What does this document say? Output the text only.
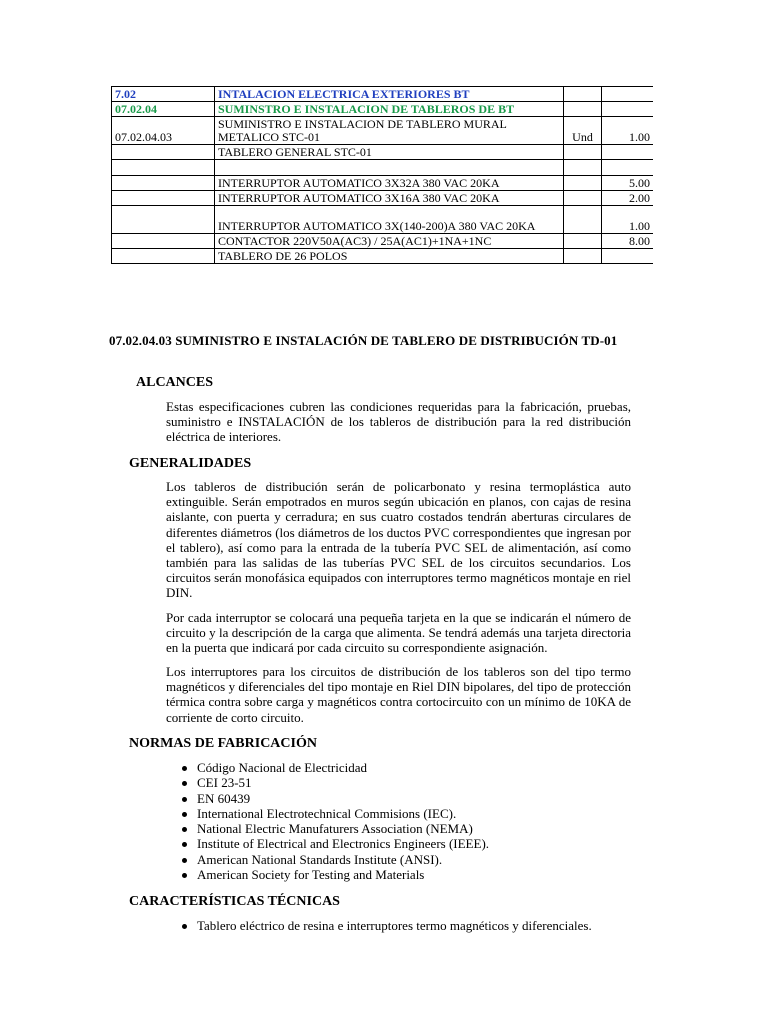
7.02	INTALACION ELECTRICA EXTERIORES BT		
07.02.04	SUMINSTRO E INSTALACION DE TABLEROS DE BT		
07.02.04.03	SUMINISTRO E INSTALACION DE TABLERO MURAL METALICO STC-01	Und	1.00
	TABLERO GENERAL STC-01		

	INTERRUPTOR AUTOMATICO 3X32A 380 VAC 20KA		5.00
	INTERRUPTOR AUTOMATICO 3X16A 380 VAC 20KA		2.00
	INTERRUPTOR AUTOMATICO 3X(140-200)A 380 VAC 20KA		1.00
	CONTACTOR 220V50A(AC3) / 25A(AC1)+1NA+1NC		8.00
	TABLERO DE 26 POLOS		
07.02.04.03 SUMINISTRO E INSTALACIÓN DE TABLERO DE DISTRIBUCIÓN TD-01
ALCANCES
Estas especificaciones cubren las condiciones requeridas para la fabricación, pruebas, suministro e INSTALACIÓN de los tableros de distribución para la red distribución eléctrica de interiores.
GENERALIDADES
Los tableros de distribución serán de policarbonato y resina termoplástica auto extinguible. Serán empotrados en muros según ubicación en planos, con cajas de resina aislante, con puerta y cerradura; en sus cuatro costados tendrán aberturas circulares de diferentes diámetros (los diámetros de los ductos PVC correspondientes que ingresan por el tablero), así como para la entrada de la tubería PVC SEL de alimentación, así como también para las salidas de las tuberías PVC SEL de los circuitos secundarios. Los circuitos serán monofásica equipados con interruptores termo magnéticos montaje en riel DIN.
Por cada interruptor se colocará una pequeña tarjeta en la que se indicarán el número de circuito y la descripción de la carga que alimenta. Se tendrá además una tarjeta directoria en la puerta que indicará por cada circuito su correspondiente asignación.
Los interruptores para los circuitos de distribución de los tableros son del tipo termo magnéticos y diferenciales del tipo montaje en Riel DIN bipolares, del tipo de protección térmica contra sobre carga y magnéticos contra cortocircuito con un mínimo de 10KA de corriente de corto circuito.
NORMAS DE FABRICACIÓN
Código Nacional de Electricidad
CEI 23-51
EN 60439
International Electrotechnical Commisions (IEC).
National Electric Manufaturers Association (NEMA)
Institute of Electrical and Electronics Engineers (IEEE).
American National Standards Institute (ANSI).
American Society for Testing and Materials
CARACTERÍSTICAS TÉCNICAS
Tablero eléctrico de resina e interruptores termo magnéticos y diferenciales.
